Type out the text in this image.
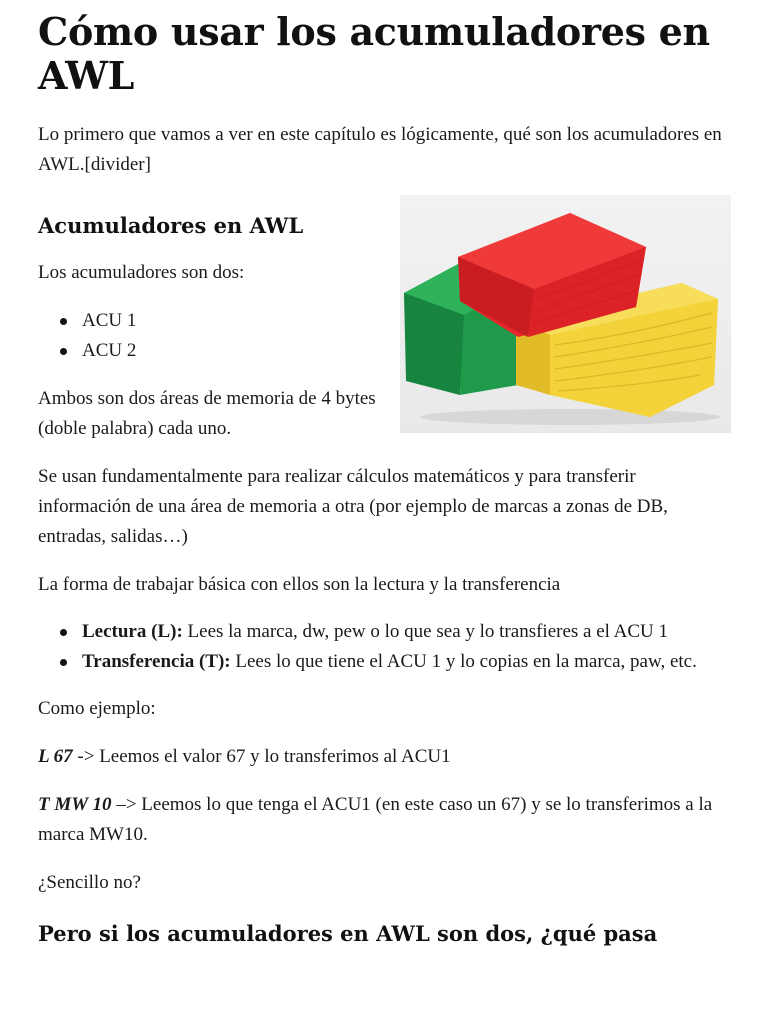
Cómo usar los acumuladores en AWL

Lo primero que vamos a ver en este capítulo es lógicamente, qué son los acumuladores en AWL.[divider]

Acumuladores en AWL

Los acumuladores son dos:

ACU 1
ACU 2

Ambos son dos áreas de memoria de 4 bytes (doble palabra) cada uno.

Se usan fundamentalmente para realizar cálculos matemáticos y para transferir información de una área de memoria a otra (por ejemplo de marcas a zonas de DB, entradas, salidas…)

La forma de trabajar básica con ellos son la lectura y la transferencia

Lectura (L): Lees la marca, dw, pew o lo que sea y lo transfieres a el ACU 1
Transferencia (T): Lees lo que tiene el ACU 1 y lo copias en la marca, paw, etc.

Como ejemplo:

L 67 -> Leemos el valor 67 y lo transferimos al ACU1

T MW 10 –> Leemos lo que tenga el ACU1 (en este caso un 67) y se lo transferimos a la marca MW10.

¿Sencillo no?

Pero si los acumuladores en AWL son dos, ¿qué pasa
